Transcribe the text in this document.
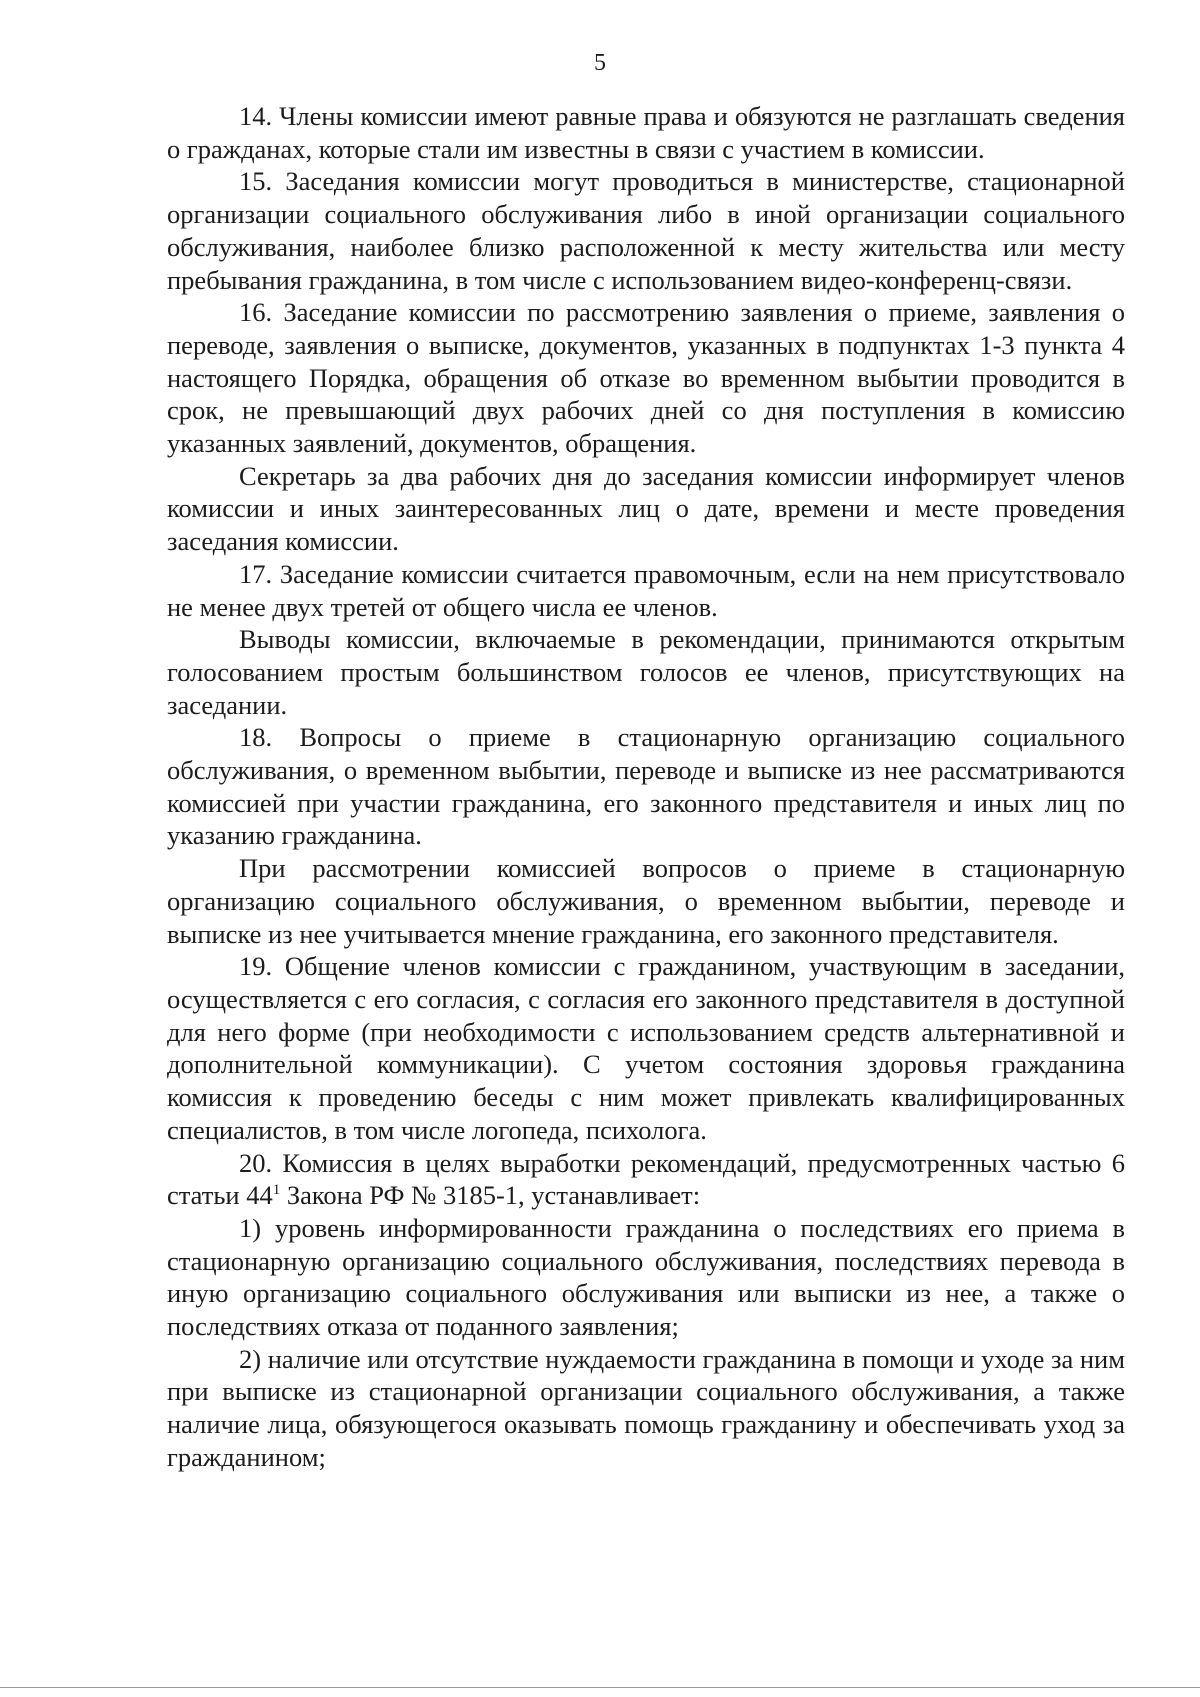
5

14. Члены комиссии имеют равные права и обязуются не разглашать сведения о гражданах, которые стали им известны в связи с участием в комиссии.

15. Заседания комиссии могут проводиться в министерстве, стационарной организации социального обслуживания либо в иной организации социального обслуживания, наиболее близко расположенной к месту жительства или месту пребывания гражданина, в том числе с использованием видео-конференц-связи.

16. Заседание комиссии по рассмотрению заявления о приеме, заявления о переводе, заявления о выписке, документов, указанных в подпунктах 1-3 пункта 4 настоящего Порядка, обращения об отказе во временном выбытии проводится в срок, не превышающий двух рабочих дней со дня поступления в комиссию указанных заявлений, документов, обращения.

Секретарь за два рабочих дня до заседания комиссии информирует членов комиссии и иных заинтересованных лиц о дате, времени и месте проведения заседания комиссии.

17. Заседание комиссии считается правомочным, если на нем присутствовало не менее двух третей от общего числа ее членов.

Выводы комиссии, включаемые в рекомендации, принимаются открытым голосованием простым большинством голосов ее членов, присутствующих на заседании.

18. Вопросы о приеме в стационарную организацию социального обслуживания, о временном выбытии, переводе и выписке из нее рассматриваются комиссией при участии гражданина, его законного представителя и иных лиц по указанию гражданина.

При рассмотрении комиссией вопросов о приеме в стационарную организацию социального обслуживания, о временном выбытии, переводе и выписке из нее учитывается мнение гражданина, его законного представителя.

19. Общение членов комиссии с гражданином, участвующим в заседании, осуществляется с его согласия, с согласия его законного представителя в доступной для него форме (при необходимости с использованием средств альтернативной и дополнительной коммуникации). С учетом состояния здоровья гражданина комиссия к проведению беседы с ним может привлекать квалифицированных специалистов, в том числе логопеда, психолога.

20. Комиссия в целях выработки рекомендаций, предусмотренных частью 6 статьи $44^1$ Закона РФ № 3185-1, устанавливает:

1) уровень информированности гражданина о последствиях его приема в стационарную организацию социального обслуживания, последствиях перевода в иную организацию социального обслуживания или выписки из нее, а также о последствиях отказа от поданного заявления;

2) наличие или отсутствие нуждаемости гражданина в помощи и уходе за ним при выписке из стационарной организации социального обслуживания, а также наличие лица, обязующегося оказывать помощь гражданину и обеспечивать уход за гражданином;
